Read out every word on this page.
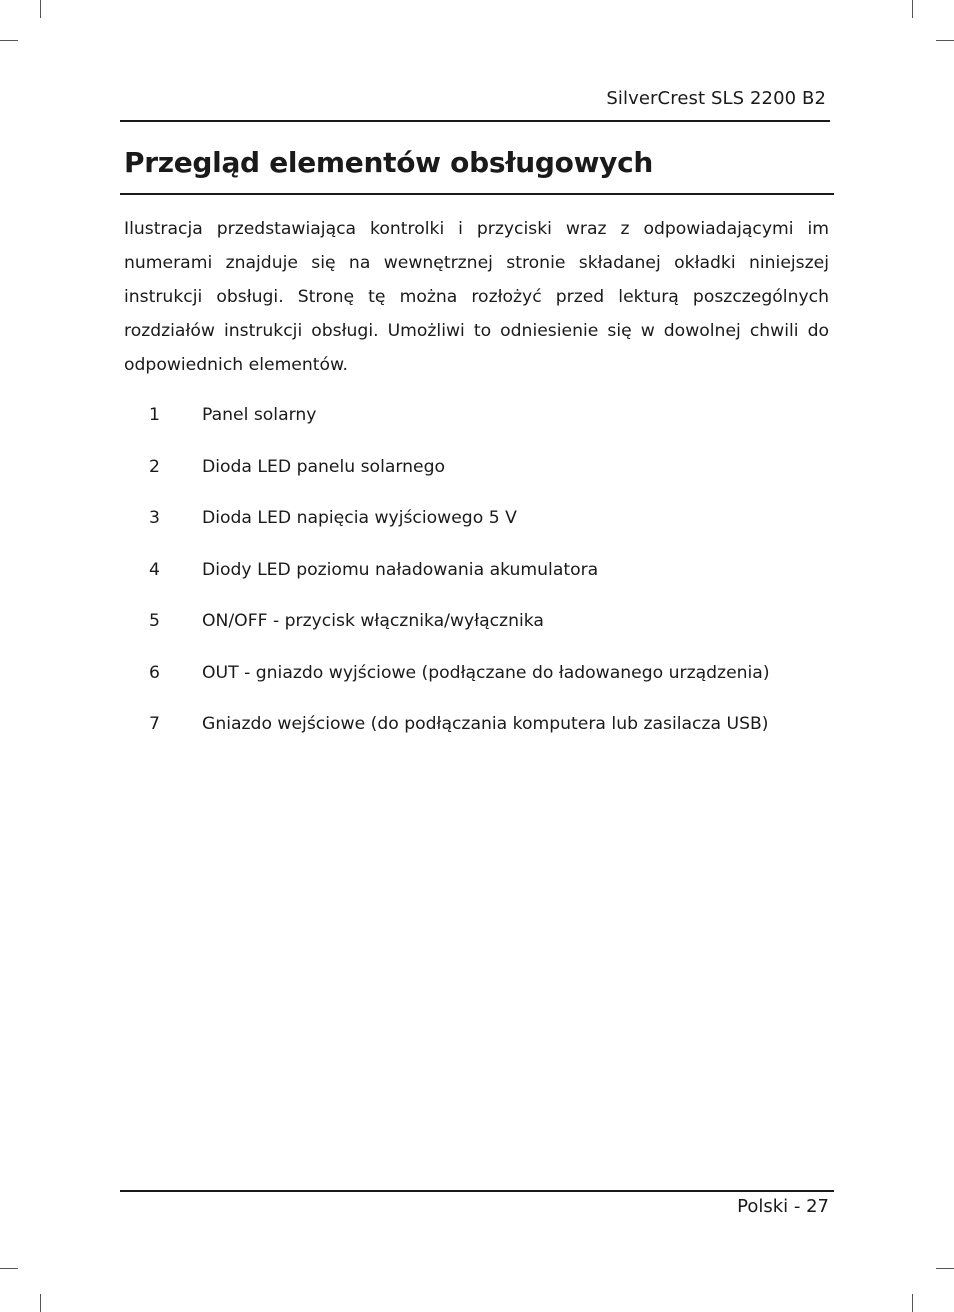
SilverCrest SLS 2200 B2
Przegląd elementów obsługowych

Ilustracja przedstawiająca kontrolki i przyciski wraz z odpowiadającymi im numerami znajduje się na wewnętrznej stronie składanej okładki niniejszej instrukcji obsługi. Stronę tę można rozłożyć przed lekturą poszczególnych rozdziałów instrukcji obsługi. Umożliwi to odniesienie się w dowolnej chwili do odpowiednich elementów.

1	Panel solarny
2	Dioda LED panelu solarnego
3	Dioda LED napięcia wyjściowego 5 V
4	Diody LED poziomu naładowania akumulatora
5	ON/OFF - przycisk włącznika/wyłącznika
6	OUT - gniazdo wyjściowe (podłączane do ładowanego urządzenia)
7	Gniazdo wejściowe (do podłączania komputera lub zasilacza USB)
Polski - 27
